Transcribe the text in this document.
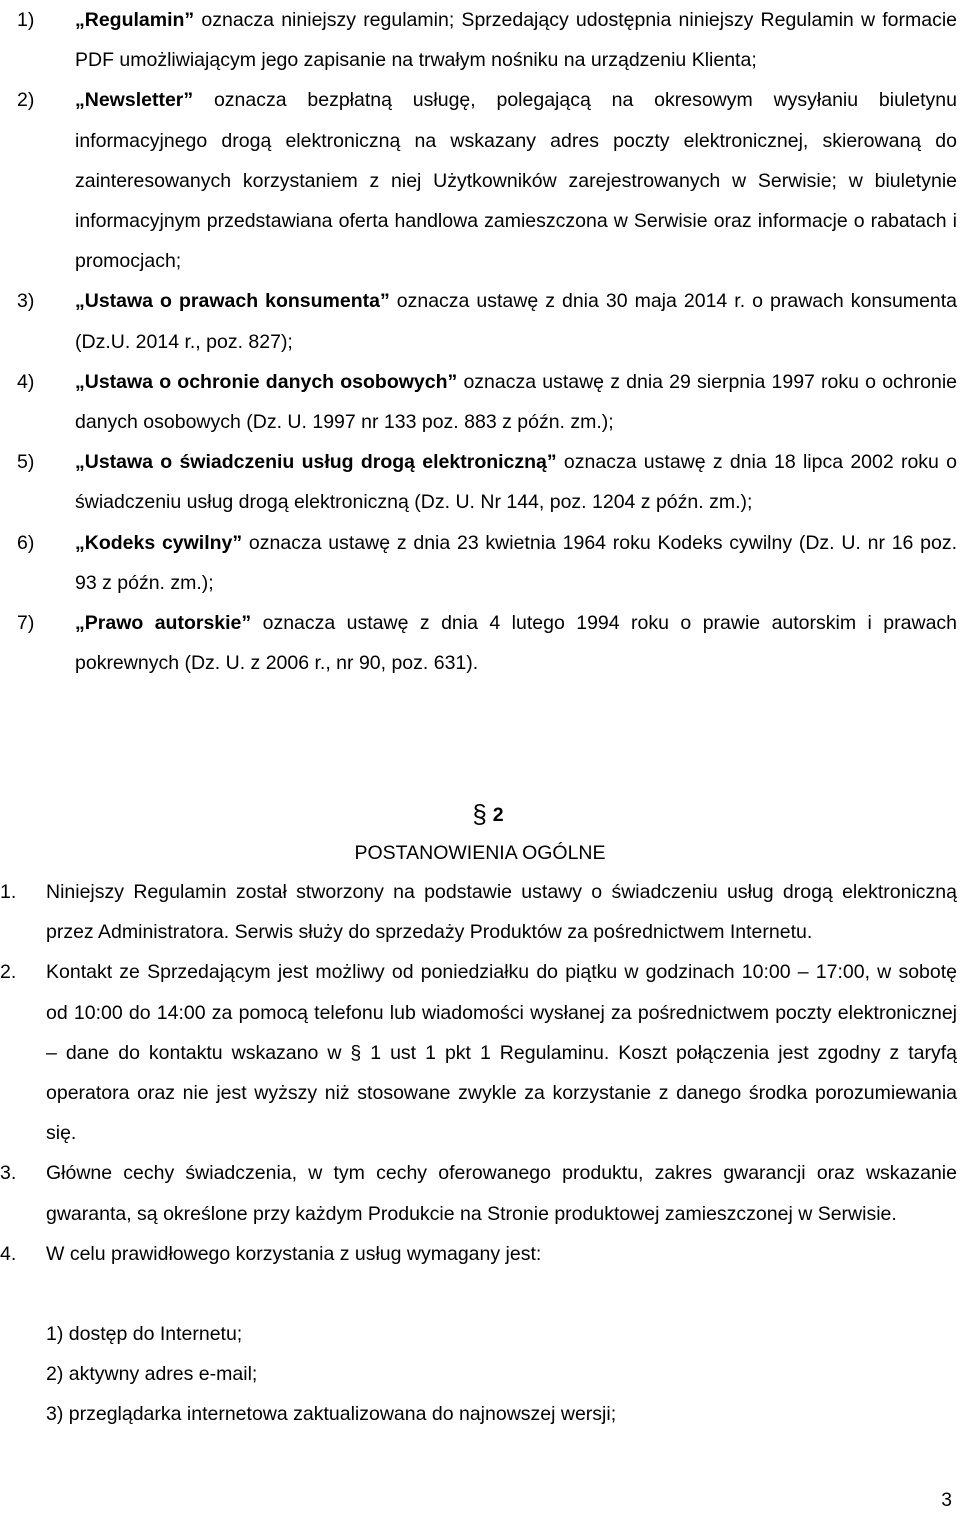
1)	„Regulamin” oznacza niniejszy regulamin; Sprzedający udostępnia niniejszy Regulamin w formacie PDF umożliwiającym jego zapisanie na trwałym nośniku na urządzeniu Klienta;
2)	„Newsletter” oznacza bezpłatną usługę, polegającą na okresowym wysyłaniu biuletynu informacyjnego drogą elektroniczną na wskazany adres poczty elektronicznej, skierowaną do zainteresowanych korzystaniem z niej Użytkowników zarejestrowanych w Serwisie; w biuletynie informacyjnym przedstawiana oferta handlowa zamieszczona w Serwisie oraz informacje o rabatach i promocjach;
3)	„Ustawa o prawach konsumenta” oznacza ustawę z dnia 30 maja 2014 r. o prawach konsumenta (Dz.U. 2014 r., poz. 827);
4)	„Ustawa o ochronie danych osobowych” oznacza ustawę z dnia 29 sierpnia 1997 roku o ochronie danych osobowych (Dz. U. 1997 nr 133 poz. 883 z późn. zm.);
5)	„Ustawa o świadczeniu usług drogą elektroniczną” oznacza ustawę z dnia 18 lipca 2002 roku o świadczeniu usług drogą elektroniczną (Dz. U. Nr 144, poz. 1204 z późn. zm.);
6)	„Kodeks cywilny” oznacza ustawę z dnia 23 kwietnia 1964 roku Kodeks cywilny (Dz. U. nr 16 poz. 93 z późn. zm.);
7)	„Prawo autorskie” oznacza ustawę z dnia 4 lutego 1994 roku o prawie autorskim i prawach pokrewnych (Dz. U. z 2006 r., nr 90, poz. 631).
§ 2
POSTANOWIENIA OGÓLNE
1.	Niniejszy Regulamin został stworzony na podstawie ustawy o świadczeniu usług drogą elektroniczną przez Administratora. Serwis służy do sprzedaży Produktów za pośrednictwem Internetu.
2.	Kontakt ze Sprzedającym jest możliwy od poniedziałku do piątku w godzinach 10:00 – 17:00, w sobotę od 10:00 do 14:00 za pomocą telefonu lub wiadomości wysłanej za pośrednictwem poczty elektronicznej – dane do kontaktu wskazano w § 1 ust 1 pkt 1 Regulaminu. Koszt połączenia jest zgodny z taryfą operatora oraz nie jest wyższy niż stosowane zwykle za korzystanie z danego środka porozumiewania się.
3.	Główne cechy świadczenia, w tym cechy oferowanego produktu, zakres gwarancji oraz wskazanie gwaranta, są określone przy każdym Produkcie na Stronie produktowej zamieszczonej w Serwisie.
4.	W celu prawidłowego korzystania z usług wymagany jest:
1) dostęp do Internetu;
2) aktywny adres e-mail;
3) przeglądarka internetowa zaktualizowana do najnowszej wersji;
3
